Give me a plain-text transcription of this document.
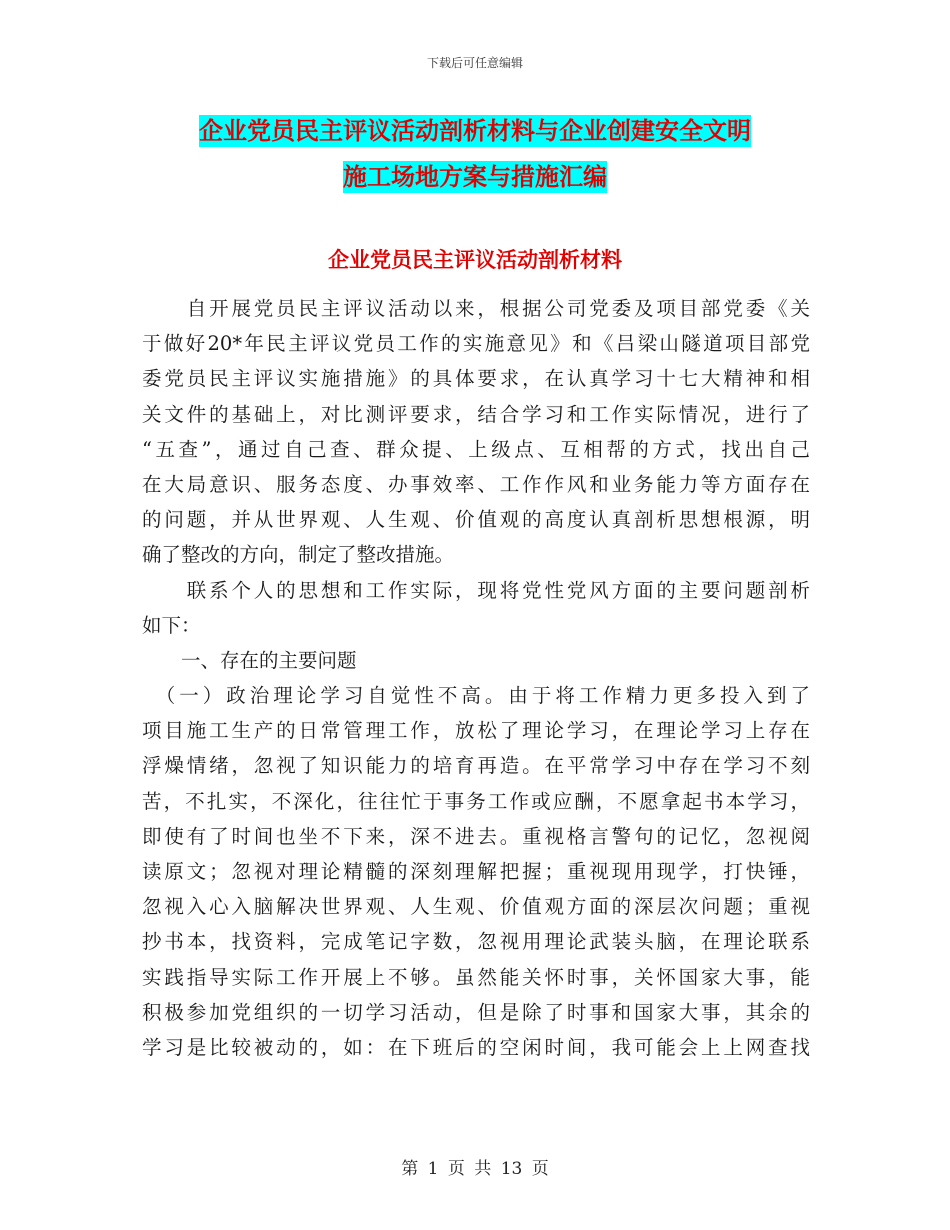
下载后可任意编辑
企业党员民主评议活动剖析材料与企业创建安全文明
施工场地方案与措施汇编
企业党员民主评议活动剖析材料
　　自开展党员民主评议活动以来，根据公司党委及项目部党委《关
于做好20*年民主评议党员工作的实施意见》和《吕梁山隧道项目部党
委党员民主评议实施措施》的具体要求，在认真学习十七大精神和相
关文件的基础上，对比测评要求，结合学习和工作实际情况，进行了
“五查”，通过自己查、群众提、上级点、互相帮的方式，找出自己
在大局意识、服务态度、办事效率、工作作风和业务能力等方面存在
的问题，并从世界观、人生观、价值观的高度认真剖析思想根源，明
确了整改的方向，制定了整改措施。
　　联系个人的思想和工作实际，现将党性党风方面的主要问题剖析
如下：
　　一、存在的主要问题
　（一）政治理论学习自觉性不高。由于将工作精力更多投入到了
项目施工生产的日常管理工作，放松了理论学习，在理论学习上存在
浮燥情绪，忽视了知识能力的培育再造。在平常学习中存在学习不刻
苦，不扎实，不深化，往往忙于事务工作或应酬，不愿拿起书本学习，
即使有了时间也坐不下来，深不进去。重视格言警句的记忆，忽视阅
读原文；忽视对理论精髓的深刻理解把握；重视现用现学，打快锤，
忽视入心入脑解决世界观、人生观、价值观方面的深层次问题；重视
抄书本，找资料，完成笔记字数，忽视用理论武装头脑，在理论联系
实践指导实际工作开展上不够。虽然能关怀时事，关怀国家大事，能
积极参加党组织的一切学习活动，但是除了时事和国家大事，其余的
学习是比较被动的，如：在下班后的空闲时间，我可能会上上网查找
第 1 页 共 13 页
